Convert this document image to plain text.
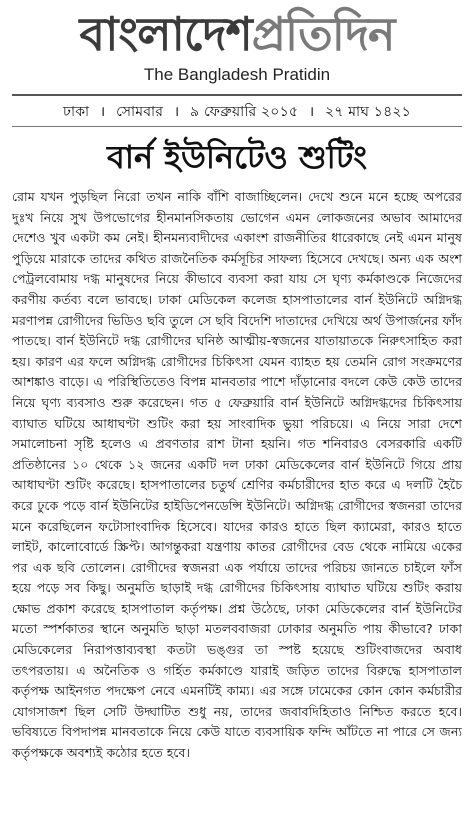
বাংলাদেশপ্রতিদিন
The Bangladesh Pratidin
ঢাকা । সোমবার । ৯ ফেব্রুয়ারি ২০১৫ । ২৭ মাঘ ১৪২১
বার্ন ইউনিটেও শুটিং
রোম যখন পুড়ছিল নিরো তখন নাকি বাঁশি বাজাচ্ছিলেন। দেখে শুনে মনে হচ্ছে অপরের দুঃখ নিয়ে সুখ উপভোগের হীনমানসিকতায় ভোগেন এমন লোকজনের অভাব আমাদের দেশেও খুব একটা কম নেই। হীনমন্যবাদীদের একাংশ রাজনীতির ধারেকাছে নেই এমন মানুষ পুড়িয়ে মারাকে তাদের কথিত রাজনৈতিক কর্মসূচির সাফল্য হিসেবে দেখছে। অন্য এক অংশ পেট্রলবোমায় দগ্ধ মানুষদের নিয়ে কীভাবে ব্যবসা করা যায় সে ঘৃণ্য কর্মকাণ্ডকে নিজেদের করণীয় কর্তব্য বলে ভাবছে। ঢাকা মেডিকেল কলেজ হাসপাতালের বার্ন ইউনিটে অগ্নিদগ্ধ মরণাপন্ন রোগীদের ভিডিও ছবি তুলে সে ছবি বিদেশি দাতাদের দেখিয়ে অর্থ উপার্জনের ফাঁদ পাতছে। বার্ন ইউনিটে দগ্ধ রোগীদের ঘনিষ্ঠ আত্মীয়-স্বজনের যাতায়াতকে নিরুৎসাহিত করা হয়। কারণ এর ফলে অগ্নিদগ্ধ রোগীদের চিকিৎসা যেমন ব্যাহত হয় তেমনি রোগ সংক্রমণের আশঙ্কাও বাড়ে। এ পরিস্থিতিতেও বিপন্ন মানবতার পাশে দাঁড়ানোর বদলে কেউ কেউ তাদের নিয়ে ঘৃণ্য ব্যবসাও শুরু করেছেন। গত ৫ ফেব্রুয়ারি বার্ন ইউনিটে অগ্নিদগ্ধদের চিকিৎসায় ব্যাঘাত ঘটিয়ে আধাঘণ্টা শুটিং করা হয় সাংবাদিক ভুয়া পরিচয়ে। এ নিয়ে সারা দেশে সমালোচনা সৃষ্টি হলেও এ প্রবণতার রাশ টানা হয়নি। গত শনিবারও বেসরকারি একটি প্রতিষ্ঠানের ১০ থেকে ১২ জনের একটি দল ঢাকা মেডিকেলের বার্ন ইউনিটে গিয়ে প্রায় আধাঘণ্টা শুটিং করেছে। হাসপাতালের চতুর্থ শ্রেণির কর্মচারীদের হাত করে এ দলটি হৈচৈ করে ঢুকে পড়ে বার্ন ইউনিটের হাইডিপেনডেন্সি ইউনিটে। অগ্নিদগ্ধ রোগীদের স্বজনরা তাদের মনে করেছিলেন ফটোসাংবাদিক হিসেবে। যাদের কারও হাতে ছিল ক্যামেরা, কারও হাতে লাইট, কালোবোর্ডে স্ক্রিপ্ট। আগন্তুকরা যন্ত্রণায় কাতর রোগীদের বেড থেকে নামিয়ে একের পর এক ছবি তোলেন। রোগীদের স্বজনরা এক পর্যায়ে তাদের পরিচয় জানতে চাইলে ফাঁস হয়ে পড়ে সব কিছু। অনুমতি ছাড়াই দগ্ধ রোগীদের চিকিৎসায় ব্যাঘাত ঘটিয়ে শুটিং করায় ক্ষোভ প্রকাশ করেছে হাসপাতাল কর্তৃপক্ষ। প্রশ্ন উঠেছে, ঢাকা মেডিকেলের বার্ন ইউনিটের মতো স্পর্শকাতর স্থানে অনুমতি ছাড়া মতলববাজরা ঢোকার অনুমতি পায় কীভাবে? ঢাকা মেডিকেলের নিরাপত্তাব্যবস্থা কতটা ভঙ্গুর তা স্পষ্ট হয়েছে শুটিংবাজদের অবাধ তৎপরতায়। এ অনৈতিক ও গর্হিত কর্মকাণ্ডে যারাই জড়িত তাদের বিরুদ্ধে হাসপাতাল কর্তৃপক্ষ আইনগত পদক্ষেপ নেবে এমনটিই কাম্য। এর সঙ্গে ঢামেকের কোন কোন কর্মচারীর যোগসাজশ ছিল সেটি উদ্ঘাটিত শুধু নয়, তাদের জবাবদিহিতাও নিশ্চিত করতে হবে। ভবিষ্যতে বিপদাপন্ন মানবতাকে নিয়ে কেউ যাতে ব্যবসায়িক ফন্দি আঁটতে না পারে সে জন্য কর্তৃপক্ষকে অবশ্যই কঠোর হতে হবে।
